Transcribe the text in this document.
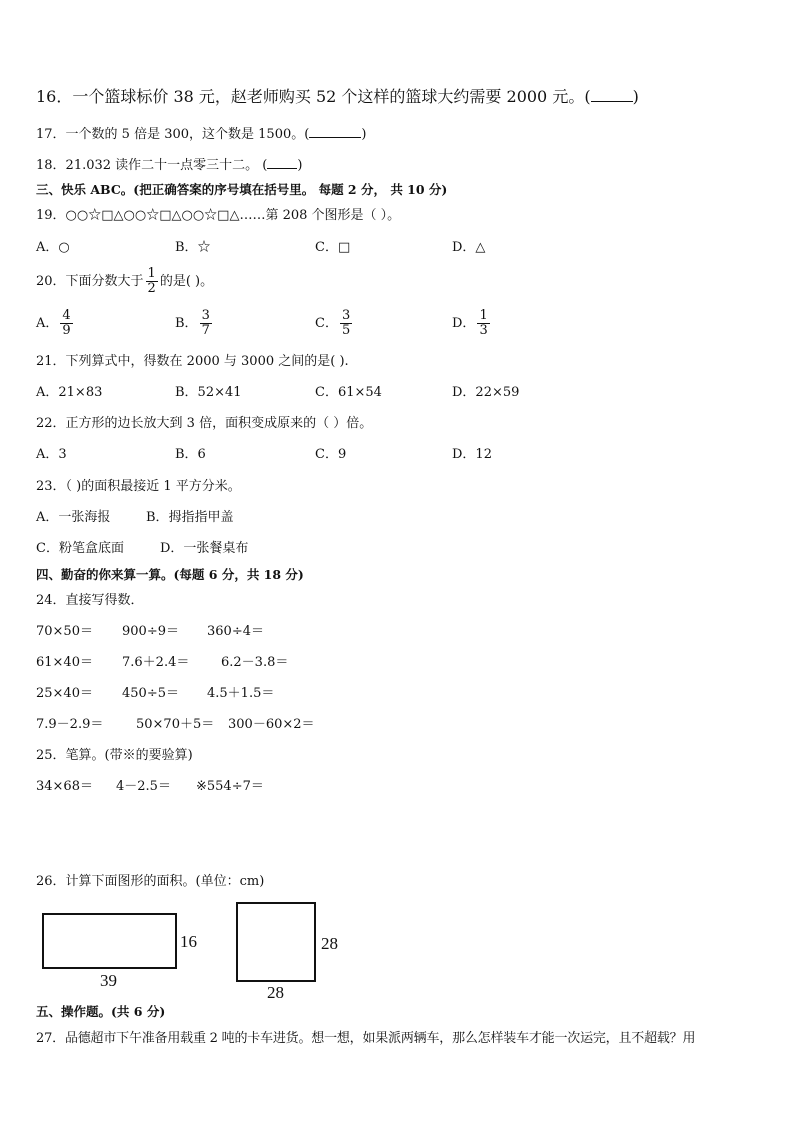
16．一个篮球标价 38 元，赵老师购买 52 个这样的篮球大约需要 2000 元。(	)
17．一个数的 5 倍是 300，这个数是 1500。(	)
18．21.032 读作二十一点零三十二。 ( )
三、快乐 ABC。(把正确答案的序号填在括号里。 每题 2 分， 共 10 分)
19．○○☆□△○○☆□△○○☆□△……第 208 个图形是（ ）。
A．○	B．☆	C．□	D．△
20．下面分数大于 $\frac{1}{2}$ 的是( )。
A． $\frac{4}{9}$	B． $\frac{3}{7}$	C． $\frac{3}{5}$	D． $\frac{1}{3}$
21．下列算式中，得数在 2000 与 3000 之间的是( ).
A．21×83	B．52×41	C．61×54	D．22×59
22．正方形的边长放大到 3 倍，面积变成原来的（ ）倍。
A．3	B．6	C．9	D．12
23．（ )的面积最接近 1 平方分米。
A．一张海报	B．拇指指甲盖
C．粉笔盒底面	D．一张餐桌布
四、勤奋的你来算一算。(每题 6 分，共 18 分)
24．直接写得数．
70×50＝ 900÷9＝ 360÷4＝
61×40＝ 7.6＋2.4＝ 6.2－3.8＝
25×40＝ 450÷5＝ 4.5＋1.5＝
7.9－2.9＝	50×70＋5＝ 300－60×2＝
25．笔算。(带※的要验算)
34×68＝ 4－2.5＝ ※554÷7＝
26．计算下面图形的面积。(单位：cm)
16
39
28
28
五、操作题。(共 6 分)
27．品德超市下午准备用载重 2 吨的卡车进货。想一想，如果派两辆车，那么怎样装车才能一次运完，且不超载？用
